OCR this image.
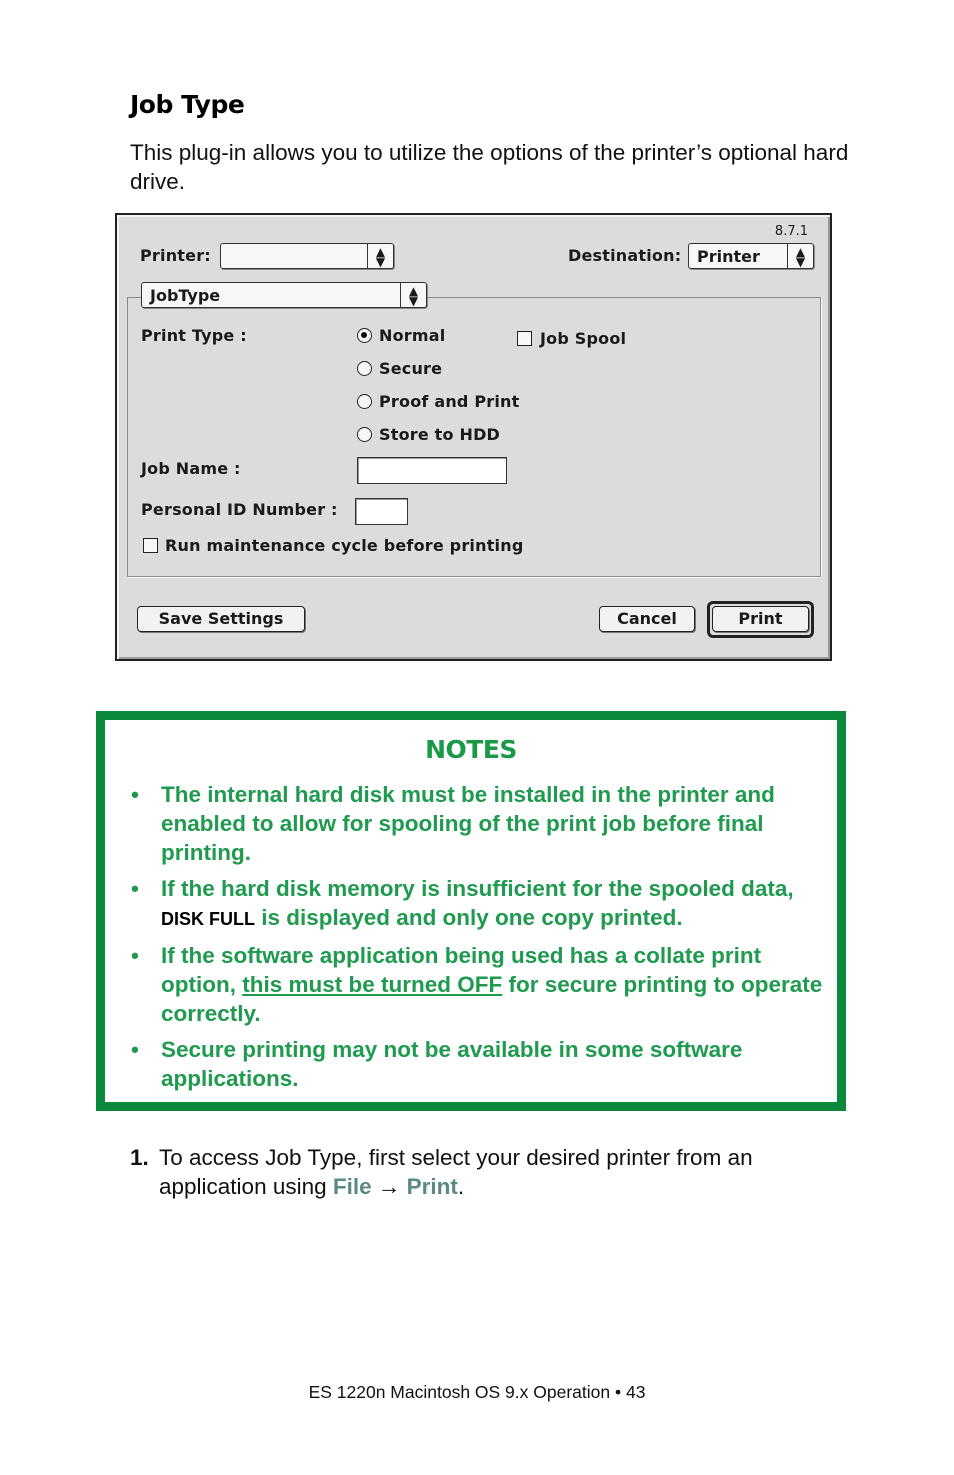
Job Type

This plug-in allows you to utilize the options of the printer’s optional hard drive.

8.7.1
Printer:	▲
▼	Destination: Printer	▲
▼
JobType	▲
▼
Print Type :	Normal
Secure
Proof and Print
Store to HDD
Job Spool
Job Name :
Personal ID Number :
Run maintenance cycle before printing
Save Settings	Cancel	Print
NOTES
• The internal hard disk must be installed in the printer and enabled to allow for spooling of the print job before final printing.
• If the hard disk memory is insufficient for the spooled data, DISK FULL is displayed and only one copy printed.
• If the software application being used has a collate print option, this must be turned OFF for secure printing to operate correctly.
• Secure printing may not be available in some software applications.
1. To access Job Type, first select your desired printer from an application using File → Print.
ES 1220n Macintosh OS 9.x Operation • 43
